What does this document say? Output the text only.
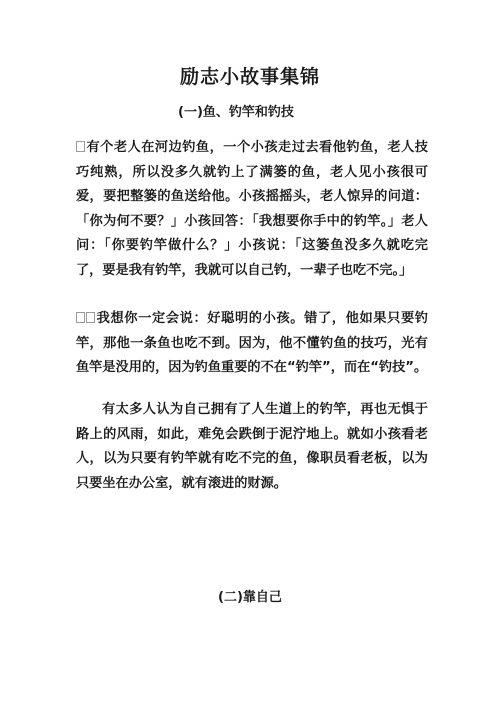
励志小故事集锦
(一)鱼、钓竿和钓技

有个老人在河边钓鱼，一个小孩走过去看他钓鱼，老人技巧纯熟，所以没多久就钓上了满篓的鱼，老人见小孩很可爱，要把整篓的鱼送给他。小孩摇摇头，老人惊异的问道：「你为何不要？」小孩回答：「我想要你手中的钓竿。」老人问：「你要钓竿做什么？」小孩说：「这篓鱼没多久就吃完了，要是我有钓竿，我就可以自己钓，一辈子也吃不完。」

我想你一定会说：好聪明的小孩。错了，他如果只要钓竿，那他一条鱼也吃不到。因为，他不懂钓鱼的技巧，光有鱼竿是没用的，因为钓鱼重要的不在“钓竿”，而在“钓技”。

有太多人认为自己拥有了人生道上的钓竿，再也无惧于路上的风雨，如此，难免会跌倒于泥泞地上。就如小孩看老人，以为只要有钓竿就有吃不完的鱼，像职员看老板，以为只要坐在办公室，就有滚进的财源。

(二)靠自己
